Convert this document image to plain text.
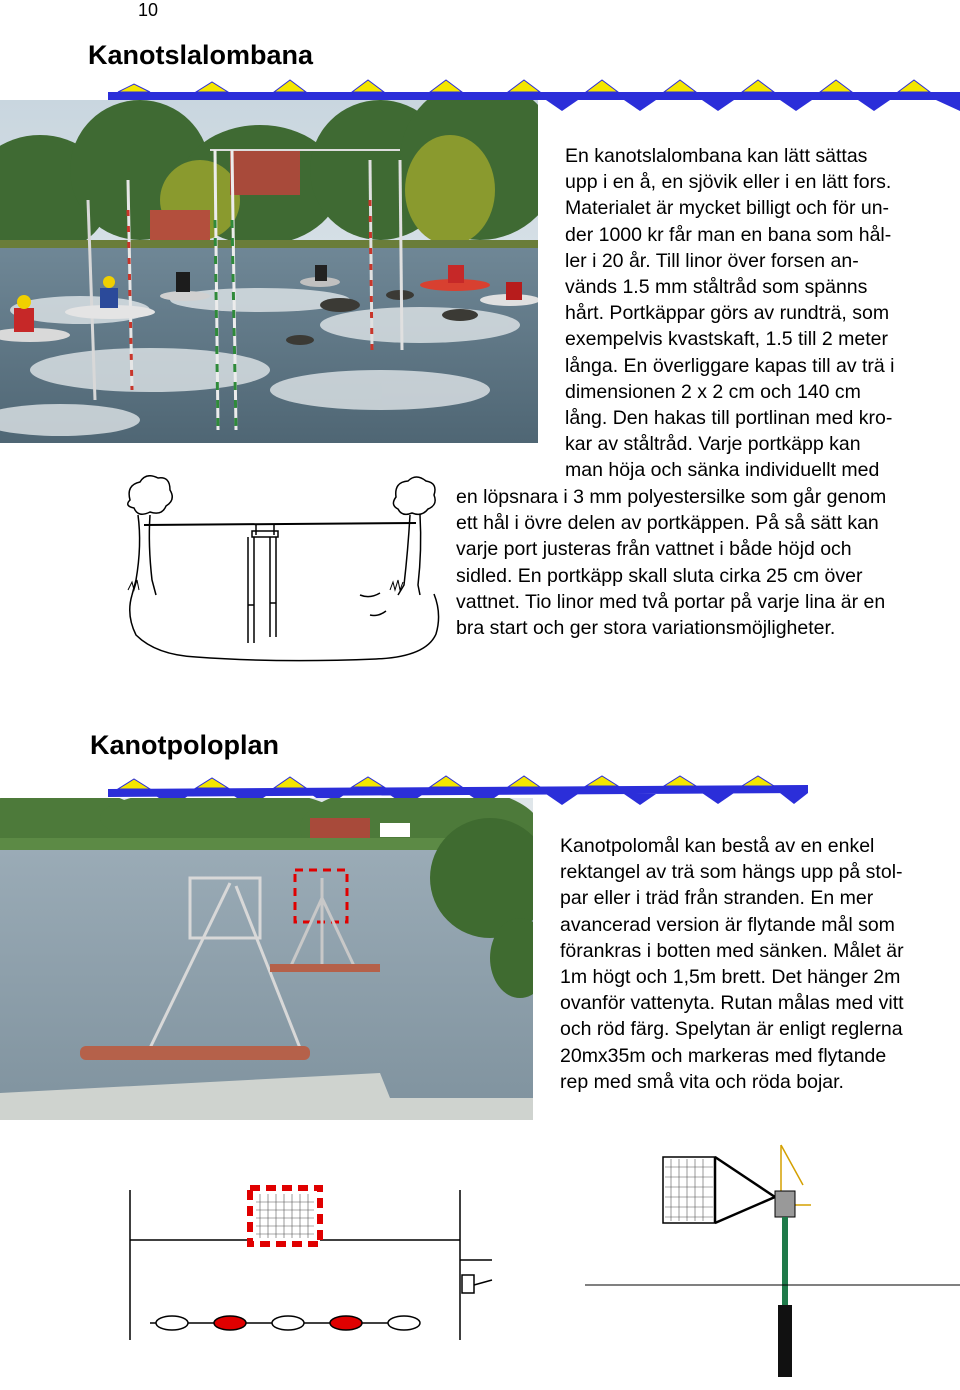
10
Kanotslalombana
En kanotslalombana kan lätt sättas
upp i en å, en sjövik eller i en lätt fors.
Materialet är mycket billigt och för un-
der 1000 kr får man en bana som hål-
ler i 20 år. Till linor över forsen an-
vänds 1.5 mm ståltråd som spänns
hårt. Portkäppar görs av rundträ, som
exempelvis kvastskaft, 1.5 till 2 meter
långa. En överliggare kapas till av trä i
dimensionen 2 x 2 cm och 140 cm
lång. Den hakas till portlinan med kro-
kar av ståltråd. Varje portkäpp kan
man höja och sänka individuellt med
en löpsnara i 3 mm polyestersilke som går genom
ett hål i övre delen av portkäppen. På så sätt kan
varje port justeras från vattnet i både höjd och
sidled. En portkäpp skall sluta cirka 25 cm över
vattnet. Tio linor med två portar på varje lina är en
bra start och ger stora variationsmöjligheter.
Kanotpoloplan
Kanotpolomål kan bestå av en enkel
rektangel av trä som hängs upp på stol-
par eller i träd från stranden. En mer
avancerad version är flytande mål som
förankras i botten med sänken. Målet är
1m högt och 1,5m brett. Det hänger 2m
ovanför vattenyta. Rutan målas med vitt
och röd färg. Spelytan är enligt reglerna
20mx35m och markeras med flytande
rep med små vita och röda bojar.
